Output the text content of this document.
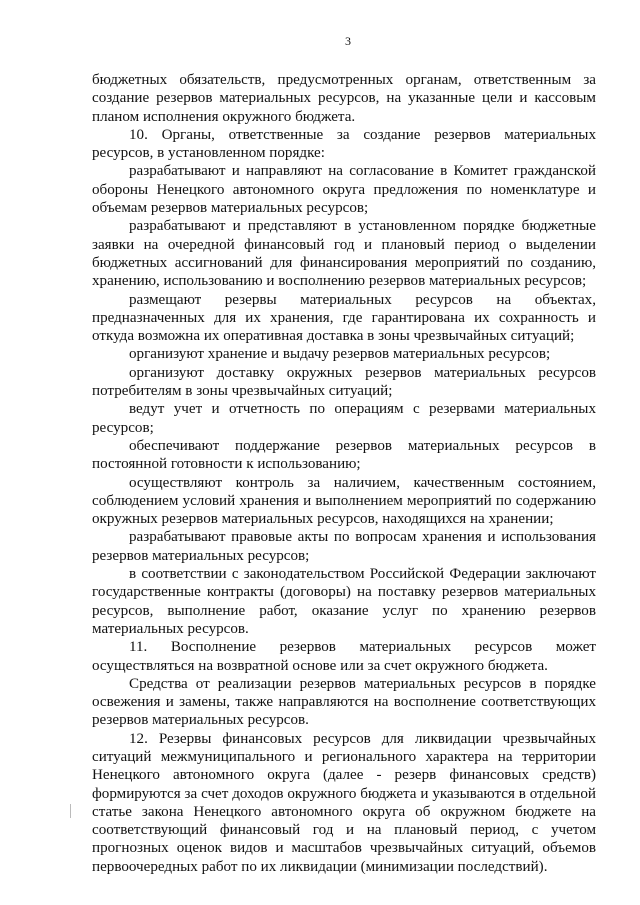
3

бюджетных обязательств, предусмотренных органам, ответственным за создание резервов материальных ресурсов, на указанные цели и кассовым планом исполнения окружного бюджета.

10. Органы, ответственные за создание резервов материальных ресурсов, в установленном порядке:

разрабатывают и направляют на согласование в Комитет гражданской обороны Ненецкого автономного округа предложения по номенклатуре и объемам резервов материальных ресурсов;

разрабатывают и представляют в установленном порядке бюджетные заявки на очередной финансовый год и плановый период о выделении бюджетных ассигнований для финансирования мероприятий по созданию, хранению, использованию и восполнению резервов материальных ресурсов;

размещают резервы материальных ресурсов на объектах, предназначенных для их хранения, где гарантирована их сохранность и откуда возможна их оперативная доставка в зоны чрезвычайных ситуаций;

организуют хранение и выдачу резервов материальных ресурсов;

организуют доставку окружных резервов материальных ресурсов потребителям в зоны чрезвычайных ситуаций;

ведут учет и отчетность по операциям с резервами материальных ресурсов;

обеспечивают поддержание резервов материальных ресурсов в постоянной готовности к использованию;

осуществляют контроль за наличием, качественным состоянием, соблюдением условий хранения и выполнением мероприятий по содержанию окружных резервов материальных ресурсов, находящихся на хранении;

разрабатывают правовые акты по вопросам хранения и использования резервов материальных ресурсов;

в соответствии с законодательством Российской Федерации заключают государственные контракты (договоры) на поставку резервов материальных ресурсов, выполнение работ, оказание услуг по хранению резервов материальных ресурсов.

11. Восполнение резервов материальных ресурсов может осуществляться на возвратной основе или за счет окружного бюджета.

Средства от реализации резервов материальных ресурсов в порядке освежения и замены, также направляются на восполнение соответствующих резервов материальных ресурсов.

12. Резервы финансовых ресурсов для ликвидации чрезвычайных ситуаций межмуниципального и регионального характера на территории Ненецкого автономного округа (далее - резерв финансовых средств) формируются за счет доходов окружного бюджета и указываются в отдельной статье закона Ненецкого автономного округа об окружном бюджете на соответствующий финансовый год и на плановый период, с учетом прогнозных оценок видов и масштабов чрезвычайных ситуаций, объемов первоочередных работ по их ликвидации (минимизации последствий).
